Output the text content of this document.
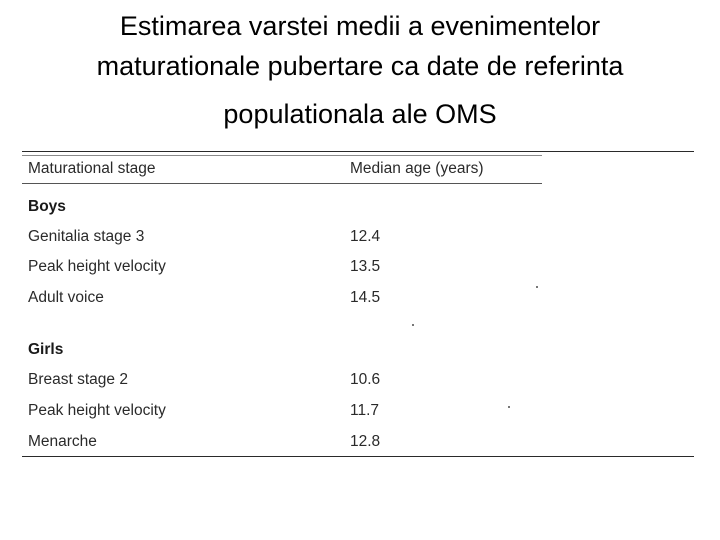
Estimarea varstei medii a evenimentelor
maturationale pubertare ca date de referinta
populationala ale OMS
Maturational stage	Median age (years)
Boys
Genitalia stage 3	12.4
Peak height velocity	13.5
Adult voice	14.5
Girls
Breast stage 2	10.6
Peak height velocity	11.7
Menarche	12.8
